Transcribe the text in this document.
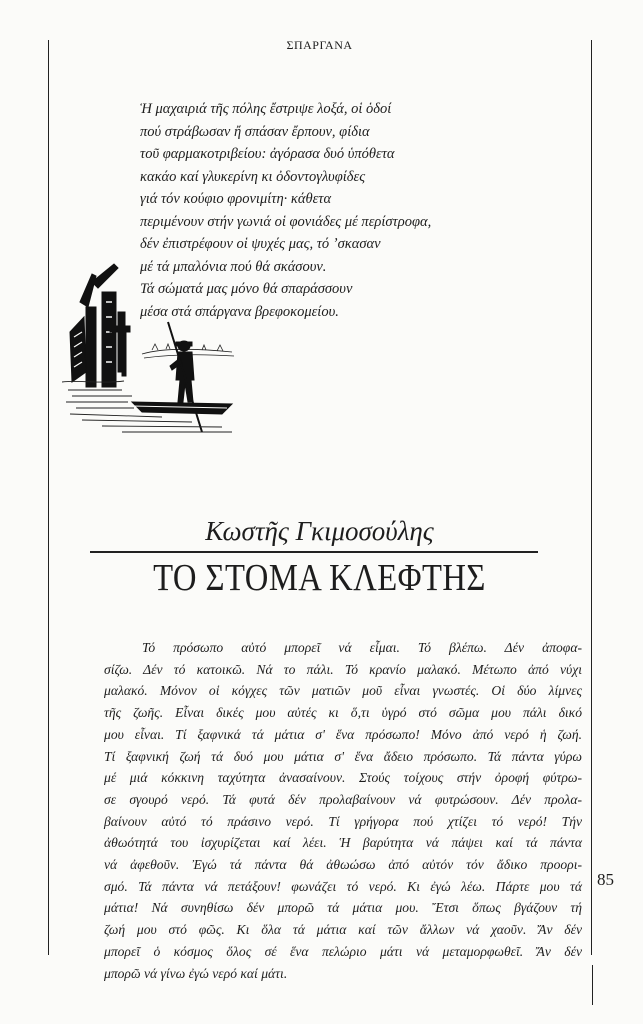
ΣΠΑΡΓΑΝΑ
Ἡ μαχαιριά τῆς πόλης ἔστριψε λοξά, οἱ ὁδοί
πού στράβωσαν ἤ σπάσαν ἔρπουν, φίδια
τοῦ φαρμακοτριβείου: ἀγόρασα δυό ὑπόθετα
κακάο καί γλυκερίνη κι ὀδοντογλυφίδες
γιά τόν κούφιο φρονιμίτη· κάθετα
περιμένουν στήν γωνιά οἱ φονιάδες μέ περίστροφα,
δέν ἐπιστρέφουν οἱ ψυχές μας, τό ʼσκασαν
μέ τά μπαλόνια πού θά σκάσουν.
Τά σώματά μας μόνο θά σπαράσσουν
μέσα στά σπάργανα βρεφοκομείου.
Κωστῆς Γκιμοσούλης
ΤΟ ΣΤΟΜΑ ΚΛΕΦΤΗΣ
Τό πρόσωπο αὐτό μπορεῖ νά εἶμαι. Τό βλέπω. Δέν ἀποφα-
σίζω. Δέν τό κατοικῶ. Νά το πάλι. Τό κρανίο μαλακό. Μέτωπο ἀπό νύχι
μαλακό. Μόνον οἱ κόγχες τῶν ματιῶν μοῦ εἶναι γνωστές. Οἱ δύο λίμνες
τῆς ζωῆς. Εἶναι δικές μου αὐτές κι ὅ,τι ὑγρό στό σῶμα μου πάλι δικό
μου εἶναι. Τί ξαφνικά τά μάτια σ' ἕνα πρόσωπο! Μόνο ἀπό νερό ἡ ζωή.
Τί ξαφνική ζωή τά δυό μου μάτια σ' ἕνα ἄδειο πρόσωπο. Τά πάντα γύρω
μέ μιά κόκκινη ταχύτητα ἀνασαίνουν. Στούς τοίχους στήν ὀροφή φύτρω-
σε σγουρό νερό. Τά φυτά δέν προλαβαίνουν νά φυτρώσουν. Δέν προλα-
βαίνουν αὐτό τό πράσινο νερό. Τί γρήγορα πού χτίζει τό νερό! Τήν
ἀθωότητά του ἰσχυρίζεται καί λέει. Ἡ βαρύτητα νά πάψει καί τά πάντα
νά ἀφεθοῦν. Ἐγώ τά πάντα θά ἀθωώσω ἀπό αὐτόν τόν ἄδικο προορι-
σμό. Τά πάντα νά πετάξουν! φωνάζει τό νερό. Κι ἐγώ λέω. Πάρτε μου τά
μάτια! Νά συνηθίσω δέν μπορῶ τά μάτια μου. Ἔτσι ὅπως βγάζουν τή
ζωή μου στό φῶς. Κι ὅλα τά μάτια καί τῶν ἄλλων νά χαοῦν. Ἄν δέν
μπορεῖ ὁ κόσμος ὅλος σέ ἕνα πελώριο μάτι νά μεταμορφωθεῖ. Ἄν δέν
μπορῶ νά γίνω ἐγώ νερό καί μάτι.
85
